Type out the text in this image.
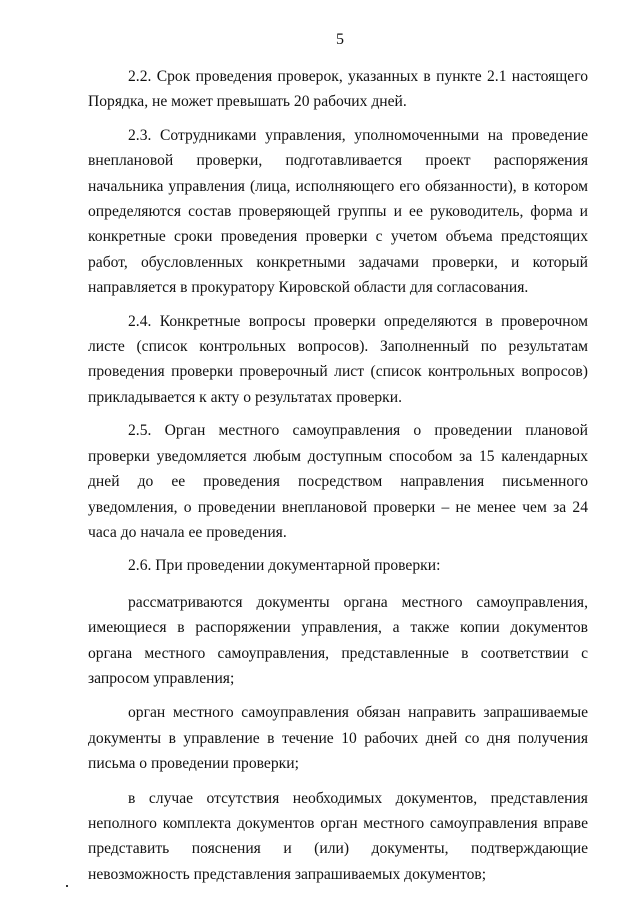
5

2.2. Срок проведения проверок, указанных в пункте 2.1 настоящего Порядка, не может превышать 20 рабочих дней.

2.3. Сотрудниками управления, уполномоченными на проведение внеплановой проверки, подготавливается проект распоряжения начальника управления (лица, исполняющего его обязанности), в котором определяются состав проверяющей группы и ее руководитель, форма и конкретные сроки проведения проверки с учетом объема предстоящих работ, обусловленных конкретными задачами проверки, и который направляется в прокуратору Кировской области для согласования.

2.4. Конкретные вопросы проверки определяются в проверочном листе (список контрольных вопросов). Заполненный по результатам проведения проверки проверочный лист (список контрольных вопросов) прикладывается к акту о результатах проверки.

2.5. Орган местного самоуправления о проведении плановой проверки уведомляется любым доступным способом за 15 календарных дней до ее проведения посредством направления письменного уведомления, о проведении внеплановой проверки – не менее чем за 24 часа до начала ее проведения.

2.6. При проведении документарной проверки:

рассматриваются документы органа местного самоуправления, имеющиеся в распоряжении управления, а также копии документов органа местного самоуправления, представленные в соответствии с запросом управления;

орган местного самоуправления обязан направить запрашиваемые документы в управление в течение 10 рабочих дней со дня получения письма о проведении проверки;

в случае отсутствия необходимых документов, представления неполного комплекта документов орган местного самоуправления вправе представить пояснения и (или) документы, подтверждающие невозможность представления запрашиваемых документов;
